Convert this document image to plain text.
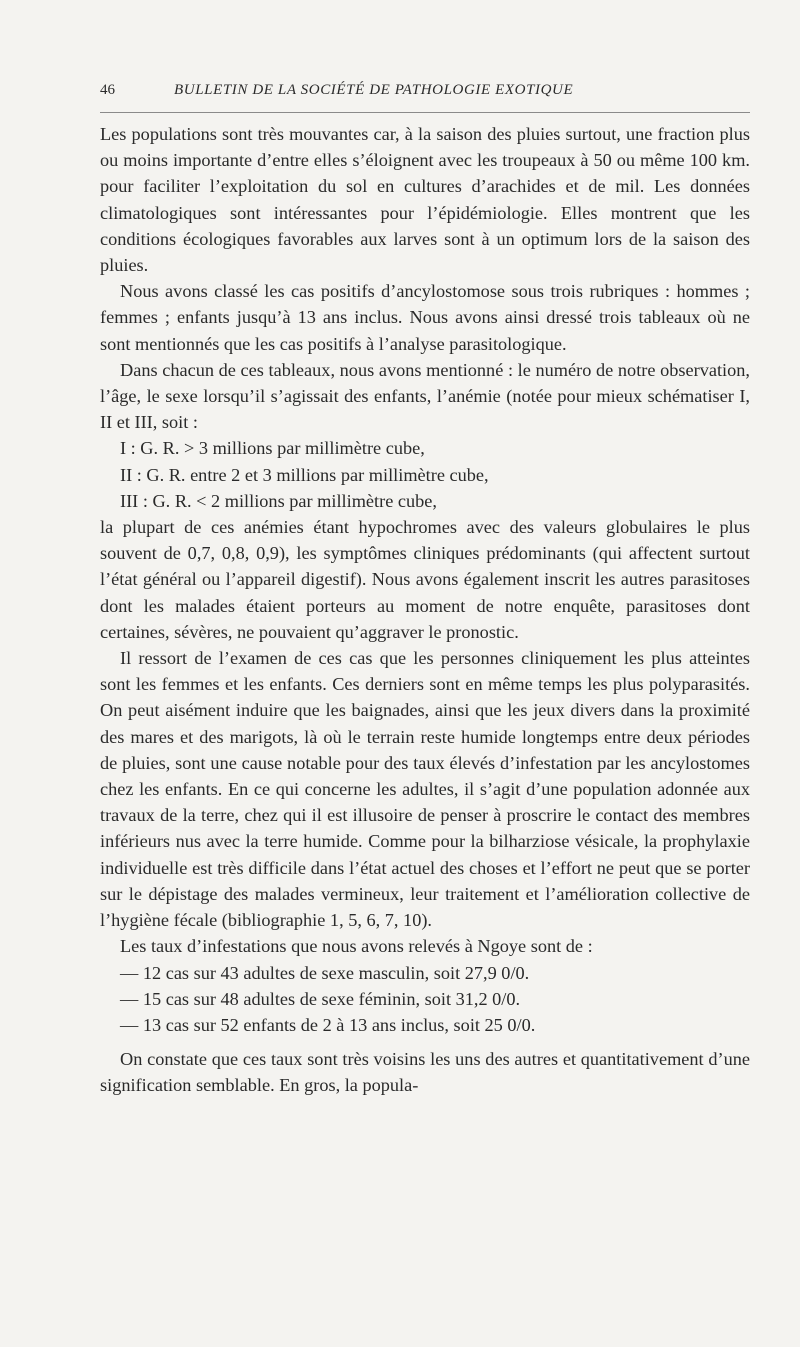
46	BULLETIN DE LA SOCIÉTÉ DE PATHOLOGIE EXOTIQUE

Les populations sont très mouvantes car, à la saison des pluies surtout, une fraction plus ou moins importante d’entre elles s’éloignent avec les troupeaux à 50 ou même 100 km. pour faciliter l’exploitation du sol en cultures d’arachides et de mil. Les données climatologiques sont intéressantes pour l’épidémiologie. Elles montrent que les conditions écologiques favorables aux larves sont à un optimum lors de la saison des pluies.

Nous avons classé les cas positifs d’ancylostomose sous trois rubriques : hommes ; femmes ; enfants jusqu’à 13 ans inclus. Nous avons ainsi dressé trois tableaux où ne sont mentionnés que les cas positifs à l’analyse parasitologique.

Dans chacun de ces tableaux, nous avons mentionné : le numéro de notre observation, l’âge, le sexe lorsqu’il s’agissait des enfants, l’anémie (notée pour mieux schématiser I, II et III, soit :

I : G. R. > 3 millions par millimètre cube,
II : G. R. entre 2 et 3 millions par millimètre cube,
III : G. R. < 2 millions par millimètre cube,

la plupart de ces anémies étant hypochromes avec des valeurs globulaires le plus souvent de 0,7, 0,8, 0,9), les symptômes cliniques prédominants (qui affectent surtout l’état général ou l’appareil digestif). Nous avons également inscrit les autres parasitoses dont les malades étaient porteurs au moment de notre enquête, parasitoses dont certaines, sévères, ne pouvaient qu’aggraver le pronostic.

Il ressort de l’examen de ces cas que les personnes cliniquement les plus atteintes sont les femmes et les enfants. Ces derniers sont en même temps les plus polyparasités. On peut aisément induire que les baignades, ainsi que les jeux divers dans la proximité des mares et des marigots, là où le terrain reste humide longtemps entre deux périodes de pluies, sont une cause notable pour des taux élevés d’infestation par les ancylostomes chez les enfants. En ce qui concerne les adultes, il s’agit d’une population adonnée aux travaux de la terre, chez qui il est illusoire de penser à proscrire le contact des membres inférieurs nus avec la terre humide. Comme pour la bilharziose vésicale, la prophylaxie individuelle est très difficile dans l’état actuel des choses et l’effort ne peut que se porter sur le dépistage des malades vermineux, leur traitement et l’amélioration collective de l’hygiène fécale (bibliographie 1, 5, 6, 7, 10).

Les taux d’infestations que nous avons relevés à Ngoye sont de :

— 12 cas sur 43 adultes de sexe masculin, soit 27,9 0/0.
— 15 cas sur 48 adultes de sexe féminin, soit 31,2 0/0.
— 13 cas sur 52 enfants de 2 à 13 ans inclus, soit 25 0/0.

On constate que ces taux sont très voisins les uns des autres et quantitativement d’une signification semblable. En gros, la popula-
